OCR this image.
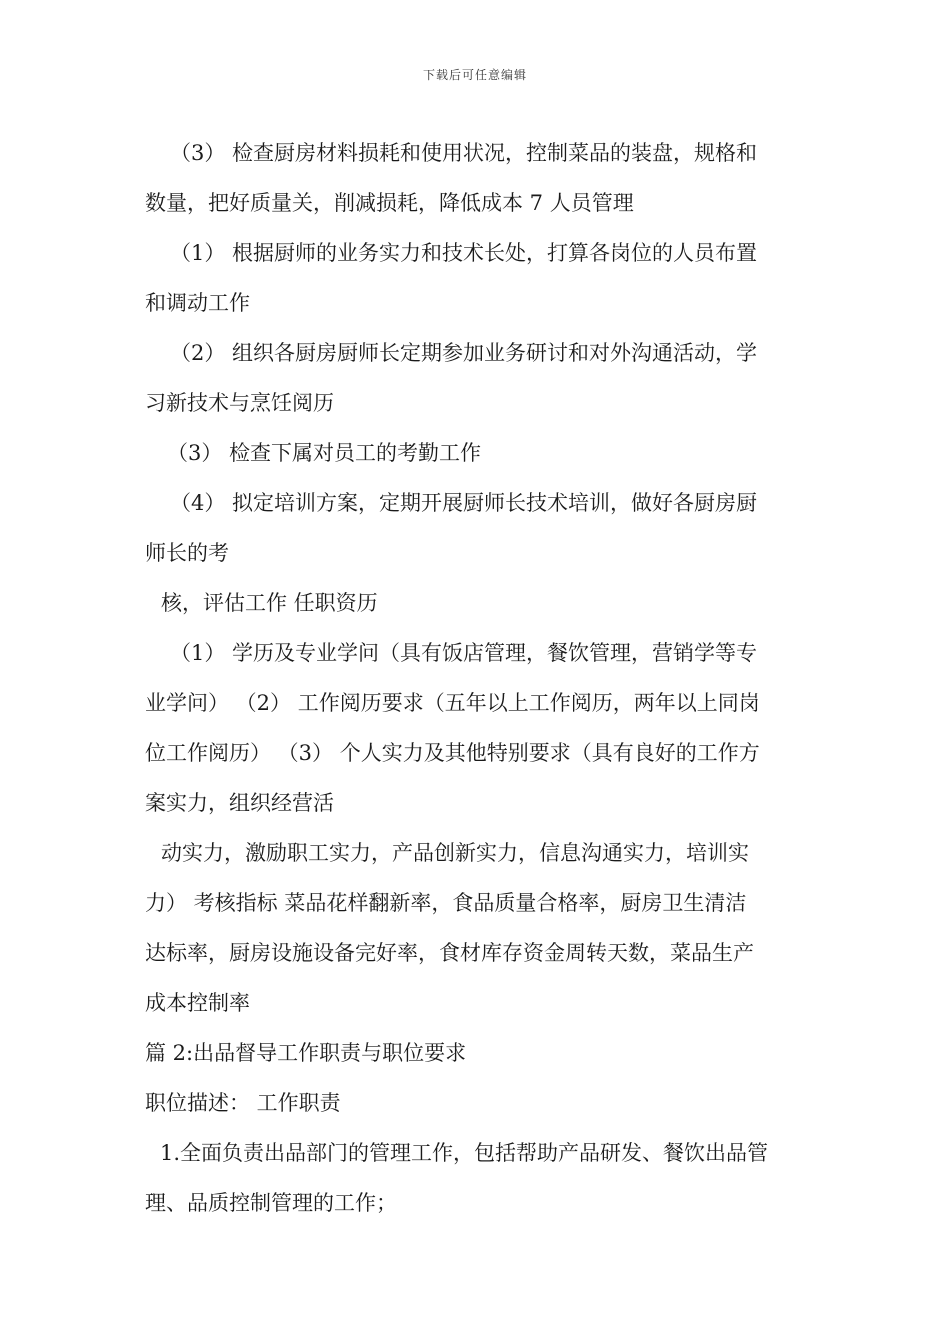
下载后可任意编辑
（3） 检查厨房材料损耗和使用状况，控制菜品的装盘，规格和
数量，把好质量关，削减损耗，降低成本 7 人员管理
（1） 根据厨师的业务实力和技术长处，打算各岗位的人员布置
和调动工作
（2） 组织各厨房厨师长定期参加业务研讨和对外沟通活动，学
习新技术与烹饪阅历
（3） 检查下属对员工的考勤工作
（4） 拟定培训方案，定期开展厨师长技术培训，做好各厨房厨
师长的考
核，评估工作 任职资历
（1） 学历及专业学问（具有饭店管理，餐饮管理，营销学等专
业学问） （2） 工作阅历要求（五年以上工作阅历，两年以上同岗
位工作阅历） （3） 个人实力及其他特别要求（具有良好的工作方
案实力，组织经营活
动实力，激励职工实力，产品创新实力，信息沟通实力，培训实
力） 考核指标 菜品花样翻新率，食品质量合格率，厨房卫生清洁
达标率，厨房设施设备完好率，食材库存资金周转天数，菜品生产
成本控制率
篇 2:出品督导工作职责与职位要求
职位描述： 工作职责
1.全面负责出品部门的管理工作，包括帮助产品研发、餐饮出品管
理、品质控制管理的工作；
